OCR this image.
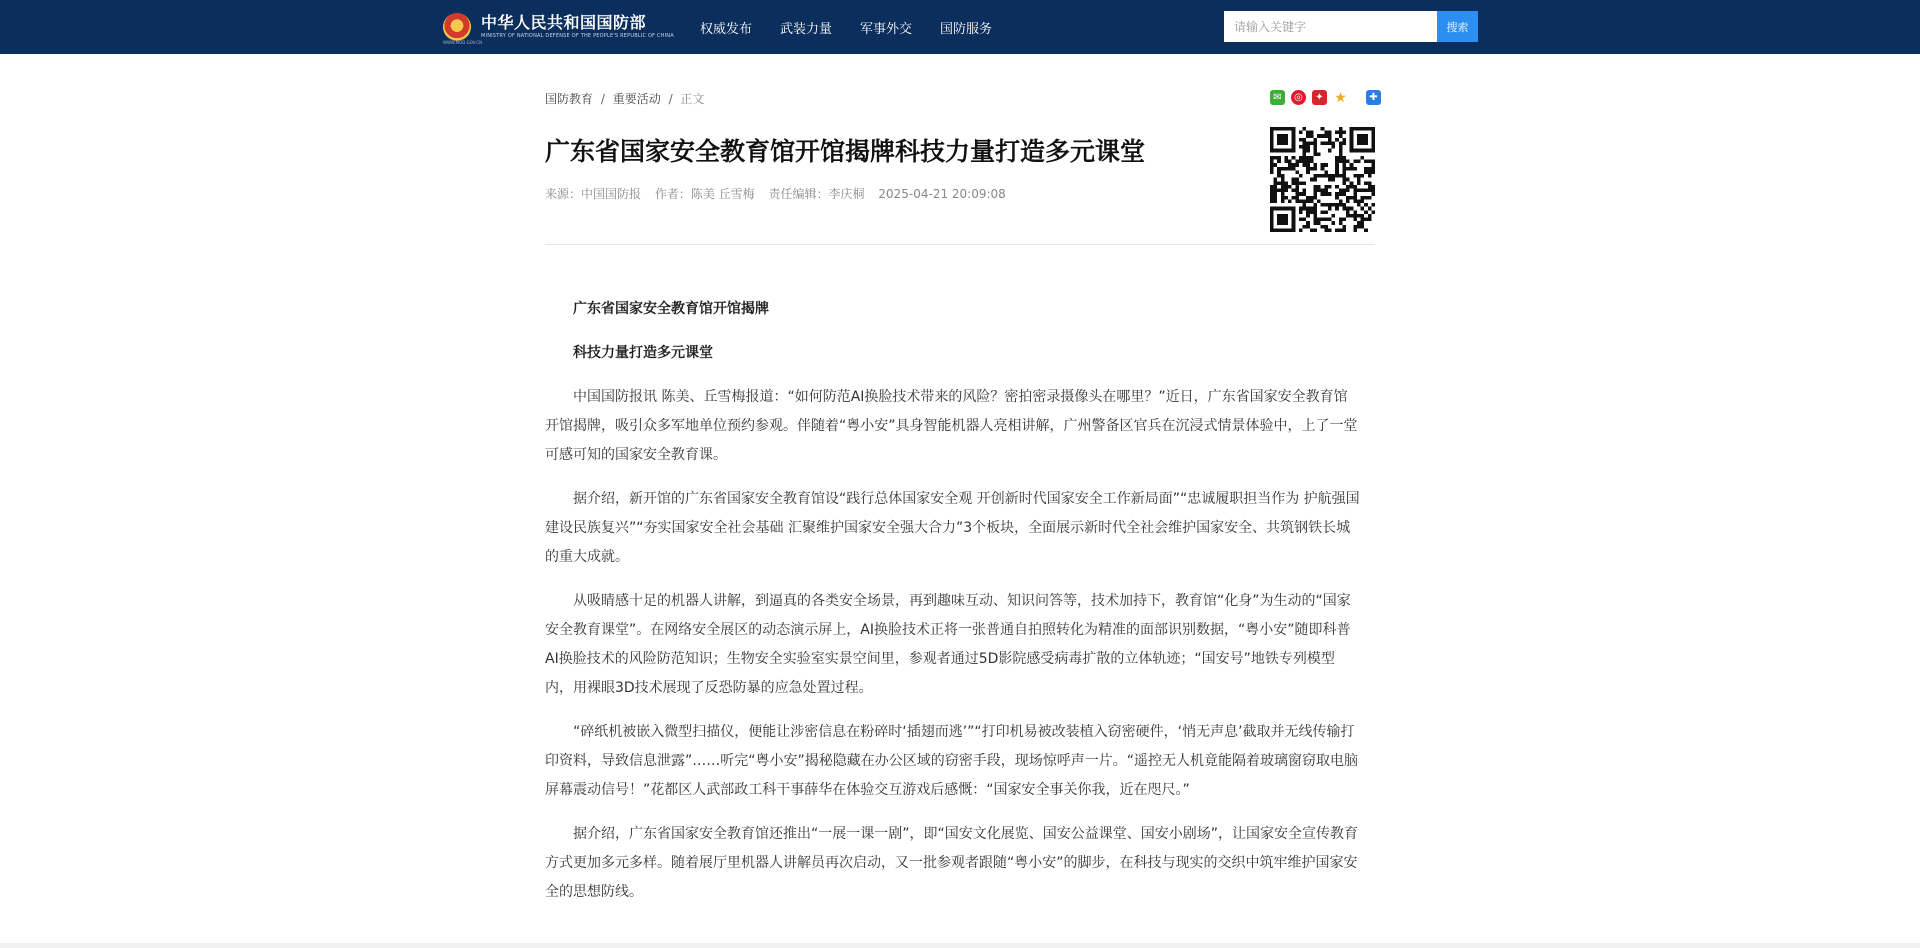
中华人民共和国国防部
MINISTRY OF NATIONAL DEFENSE OF THE PEOPLE'S REPUBLIC OF CHINA
WWW.MOD.GOV.CN
权威发布 武装力量 军事外交 国防服务
请输入关键字	搜索
国防教育 / 重要活动 / 正文	✉	◎	✦ ★	✚
广东省国家安全教育馆开馆揭牌科技力量打造多元课堂
来源：中国国防报 作者：陈美 丘雪梅 责任编辑：李庆桐 2025-04-21 20:09:08

广东省国家安全教育馆开馆揭牌

科技力量打造多元课堂

中国国防报讯 陈美、丘雪梅报道：“如何防范AI换脸技术带来的风险？密拍密录摄像头在哪里？”近日，广东省国家安全教育馆开馆揭牌，吸引众多军地单位预约参观。伴随着“粤小安”具身智能机器人亮相讲解，广州警备区官兵在沉浸式情景体验中，上了一堂可感可知的国家安全教育课。

据介绍，新开馆的广东省国家安全教育馆设“践行总体国家安全观 开创新时代国家安全工作新局面”“忠诚履职担当作为 护航强国建设民族复兴”“夯实国家安全社会基础 汇聚维护国家安全强大合力”3个板块，全面展示新时代全社会维护国家安全、共筑钢铁长城的重大成就。

从吸睛感十足的机器人讲解，到逼真的各类安全场景，再到趣味互动、知识问答等，技术加持下，教育馆“化身”为生动的“国家安全教育课堂”。在网络安全展区的动态演示屏上，AI换脸技术正将一张普通自拍照转化为精准的面部识别数据，“粤小安”随即科普AI换脸技术的风险防范知识；生物安全实验室实景空间里，参观者通过5D影院感受病毒扩散的立体轨迹；“国安号”地铁专列模型内，用裸眼3D技术展现了反恐防暴的应急处置过程。

“碎纸机被嵌入微型扫描仪，便能让涉密信息在粉碎时‘插翅而逃’”“打印机易被改装植入窃密硬件，‘悄无声息’截取并无线传输打印资料，导致信息泄露”……听完“粤小安”揭秘隐藏在办公区域的窃密手段，现场惊呼声一片。“遥控无人机竟能隔着玻璃窗窃取电脑屏幕震动信号！”花都区人武部政工科干事薛华在体验交互游戏后感慨：“国家安全事关你我，近在咫尺。”

据介绍，广东省国家安全教育馆还推出“一展一课一剧”，即“国安文化展览、国安公益课堂、国安小剧场”，让国家安全宣传教育方式更加多元多样。随着展厅里机器人讲解员再次启动，又一批参观者跟随“粤小安”的脚步，在科技与现实的交织中筑牢维护国家安全的思想防线。
